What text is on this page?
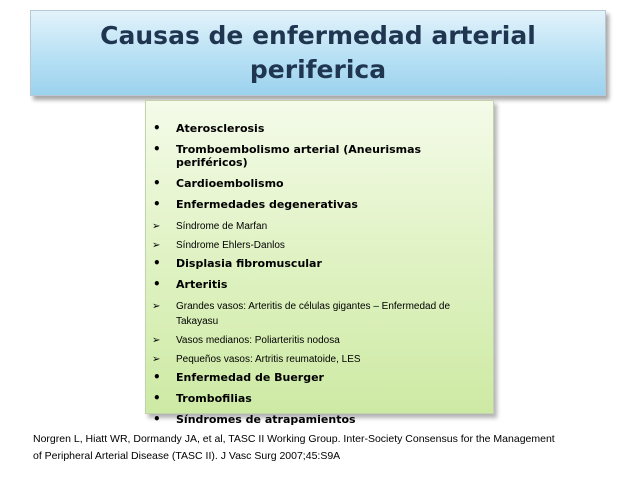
Causas de enfermedad arterial
periferica
•	Aterosclerosis
•	Tromboembolismo arterial (Aneurismas periféricos)
•	Cardioembolismo
•	Enfermedades degenerativas
➢	Síndrome de Marfan
➢	Síndrome Ehlers-Danlos
•	Displasia fibromuscular
•	Arteritis
➢	Grandes vasos: Arteritis de células gigantes – Enfermedad de Takayasu
➢	Vasos medianos: Poliarteritis nodosa
➢	Pequeños vasos: Artritis reumatoide, LES
•	Enfermedad de Buerger
•	Trombofilias
•	Síndromes de atrapamientos
Norgren L, Hiatt WR, Dormandy JA, et al, TASC II Working Group. Inter-Society Consensus for the Management
of Peripheral Arterial Disease (TASC II). J Vasc Surg 2007;45:S9A
